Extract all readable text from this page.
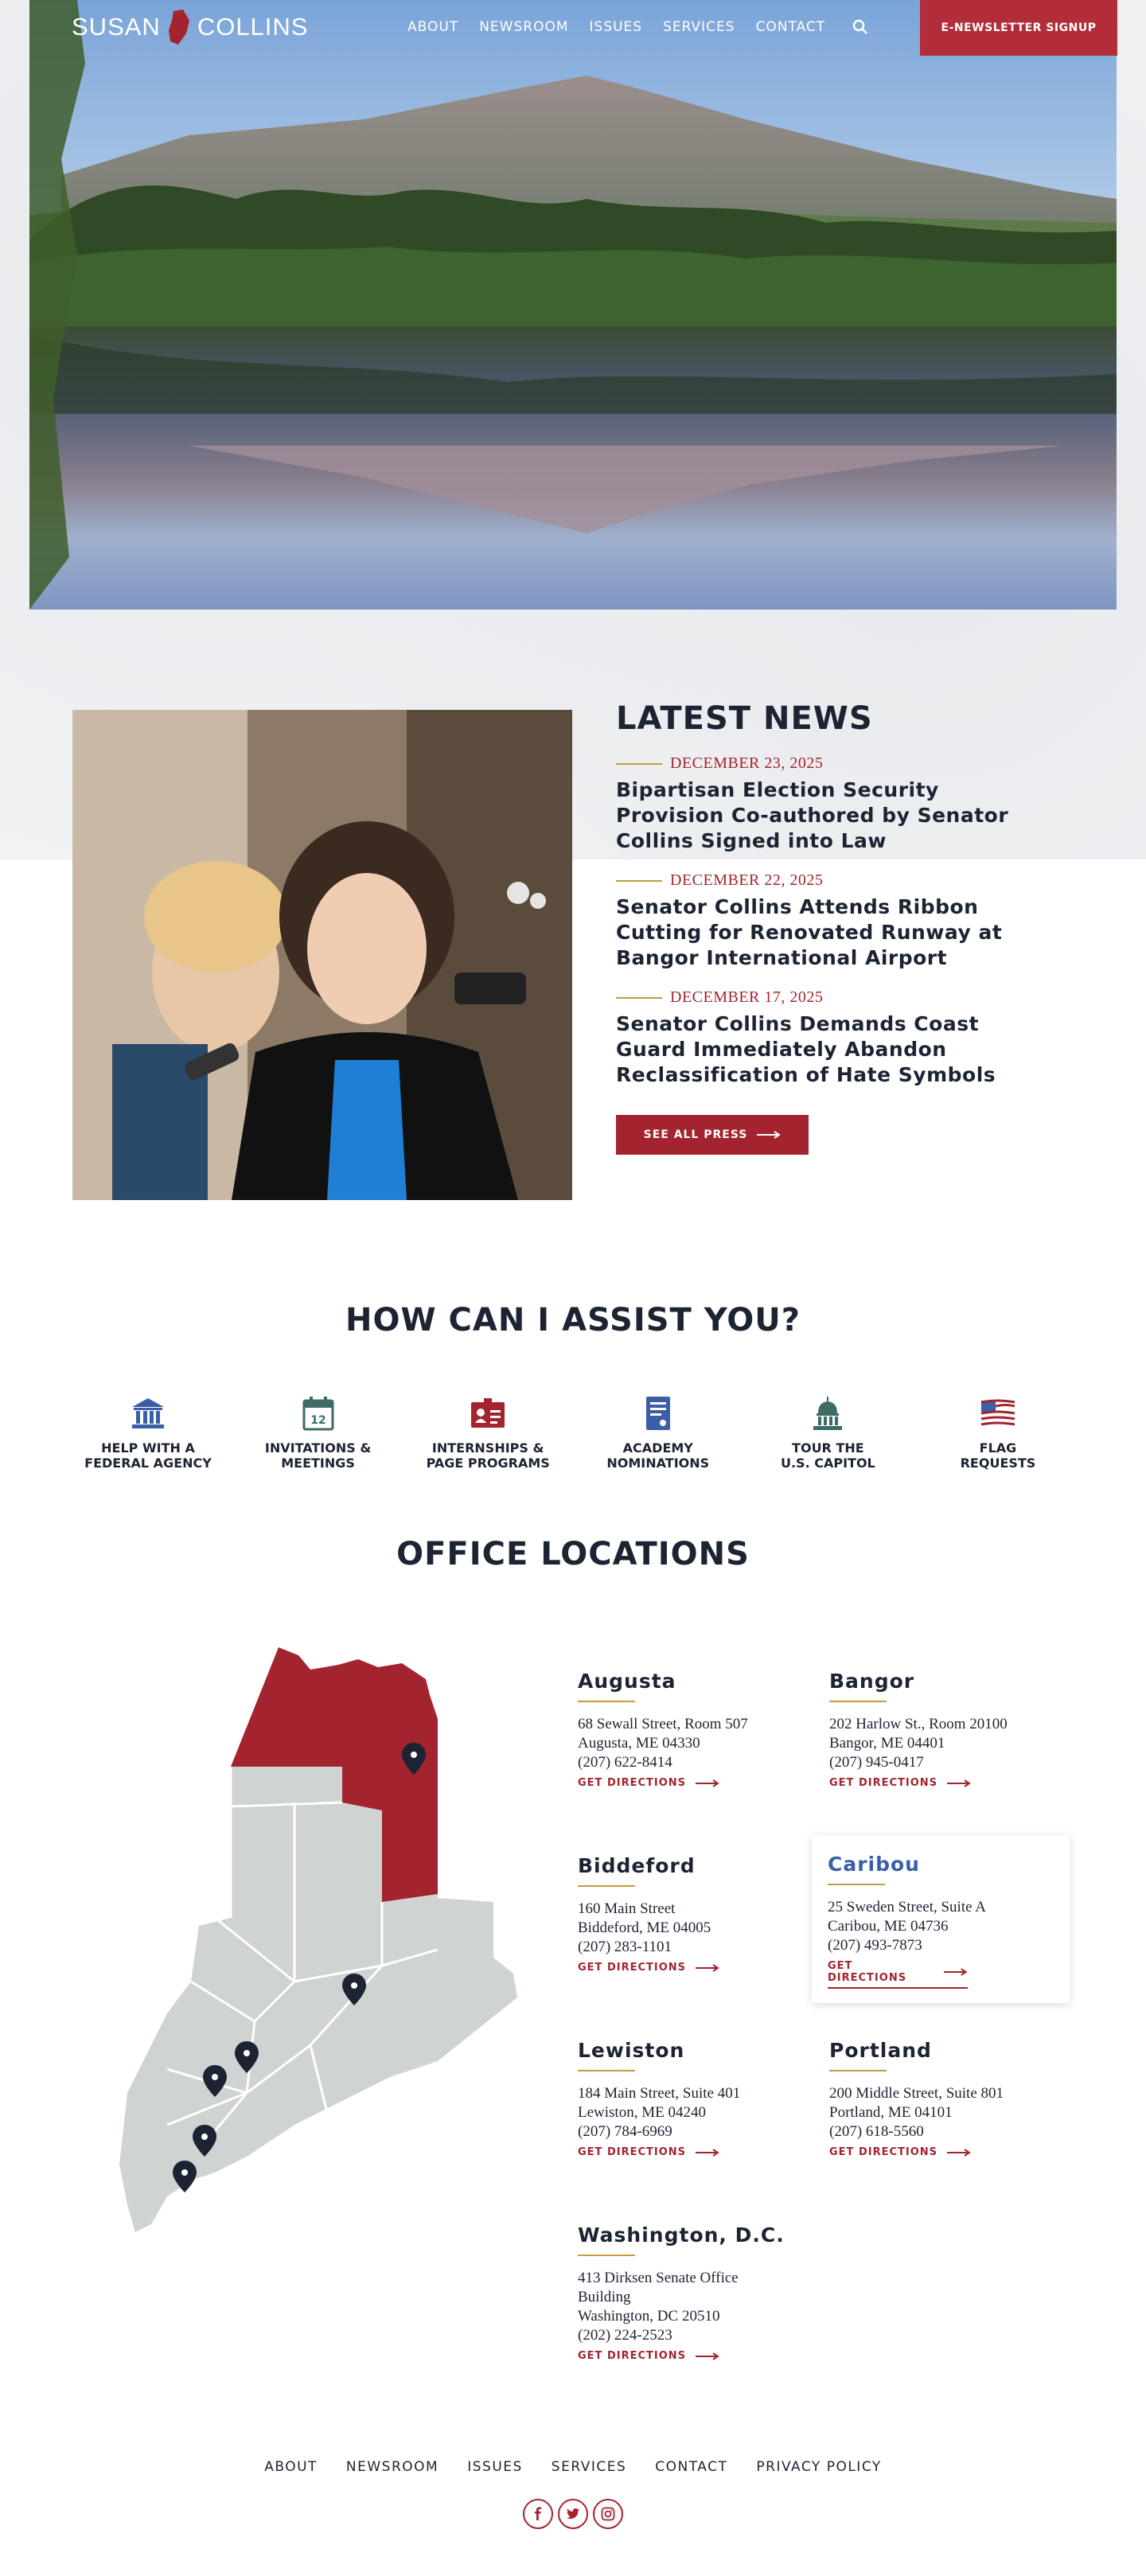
SUSAN COLLINS	ABOUT NEWSROOM ISSUES SERVICES CONTACT	E-NEWSLETTER SIGNUP
LATEST NEWS
DECEMBER 23, 2025
Bipartisan Election Security Provision Co-authored by Senator Collins Signed into Law
DECEMBER 22, 2025
Senator Collins Attends Ribbon Cutting for Renovated Runway at Bangor International Airport
DECEMBER 17, 2025
Senator Collins Demands Coast Guard Immediately Abandon Reclassification of Hate Symbols
SEE ALL PRESS
HOW CAN I ASSIST YOU?
HELP WITH A
FEDERAL AGENCY
12
INVITATIONS &
MEETINGS
INTERNSHIPS &
PAGE PROGRAMS
ACADEMY
NOMINATIONS
TOUR THE
U.S. CAPITOL
FLAG
REQUESTS
OFFICE LOCATIONS
Augusta
68 Sewall Street, Room 507
Augusta, ME 04330
(207) 622-8414
GET DIRECTIONS
Bangor
202 Harlow St., Room 20100
Bangor, ME 04401
(207) 945-0417
GET DIRECTIONS
Biddeford
160 Main Street
Biddeford, ME 04005
(207) 283-1101
GET DIRECTIONS
Caribou
25 Sweden Street, Suite A
Caribou, ME 04736
(207) 493-7873
GET DIRECTIONS
Lewiston
184 Main Street, Suite 401
Lewiston, ME 04240
(207) 784-6969
GET DIRECTIONS
Portland
200 Middle Street, Suite 801
Portland, ME 04101
(207) 618-5560
GET DIRECTIONS
Washington, D.C.
413 Dirksen Senate Office
Building
Washington, DC 20510
(202) 224-2523
GET DIRECTIONS
ABOUT NEWSROOM ISSUES SERVICES CONTACT PRIVACY POLICY
